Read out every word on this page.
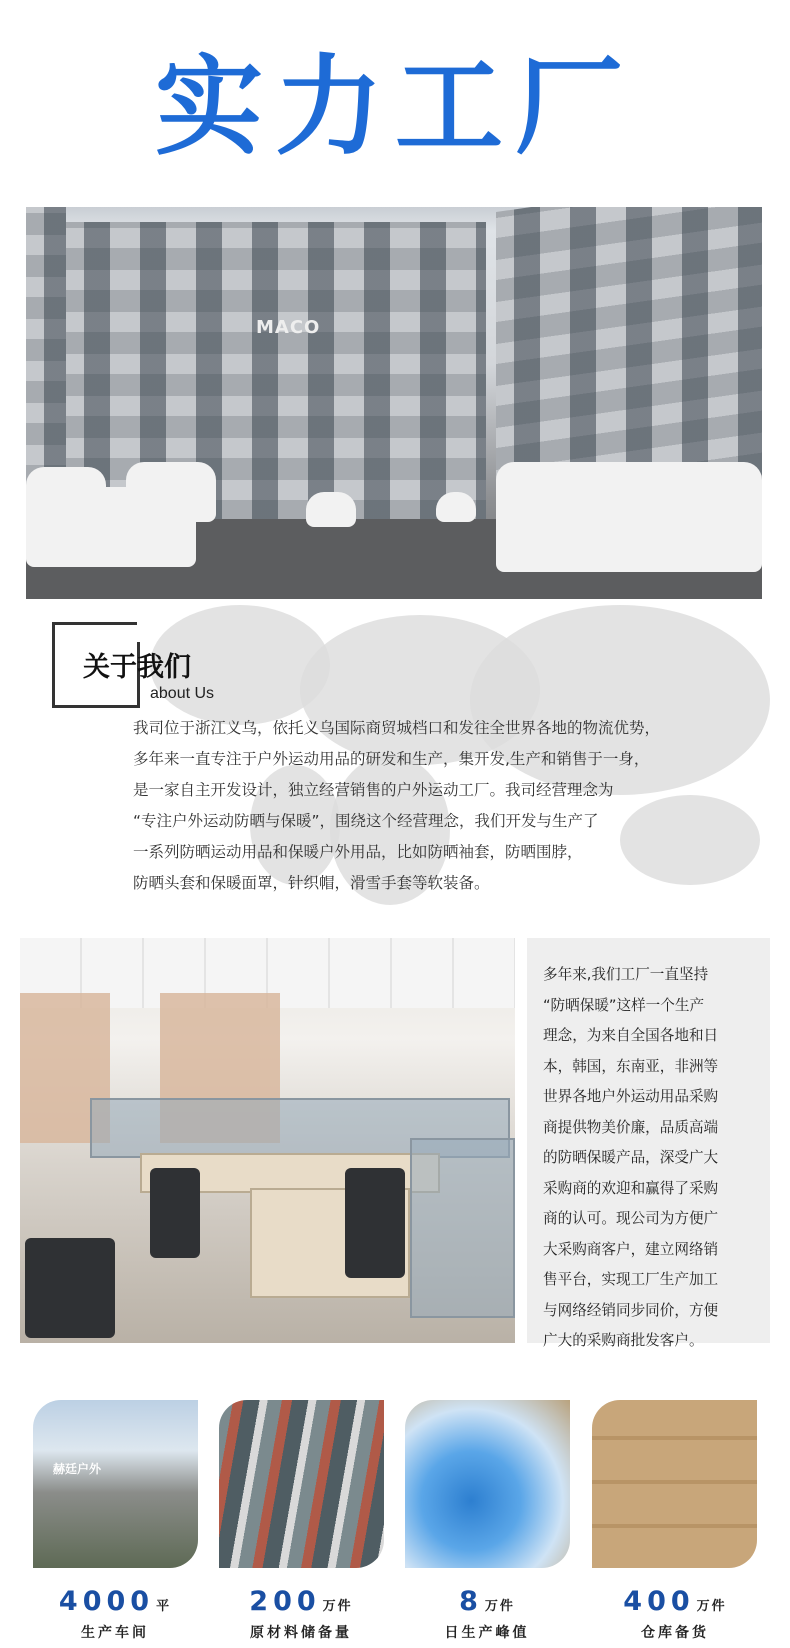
实力工厂
MACO
关于我们
about Us

我司位于浙江义乌，依托义乌国际商贸城档口和发往全世界各地的物流优势，

多年来一直专注于户外运动用品的研发和生产，集开发,生产和销售于一身，

是一家自主开发设计，独立经营销售的户外运动工厂。我司经营理念为

“专注户外运动防晒与保暖”，围绕这个经营理念，我们开发与生产了

一系列防晒运动用品和保暖户外用品，比如防晒袖套，防晒围脖，

防晒头套和保暖面罩，针织帽，滑雪手套等软装备。

多年来,我们工厂一直坚持

“防晒保暖”这样一个生产

理念，为来自全国各地和日

本，韩国，东南亚，非洲等

世界各地户外运动用品采购

商提供物美价廉，品质高端

的防晒保暖产品，深受广大

采购商的欢迎和赢得了采购

商的认可。现公司为方便广

大采购商客户，建立网络销

售平台，实现工厂生产加工

与网络经销同步同价，方便

广大的采购商批发客户。

赫廷户外
4000 平
生产车间
200 万件
原材料储备量
8 万件
日生产峰值
400 万件
仓库备货
